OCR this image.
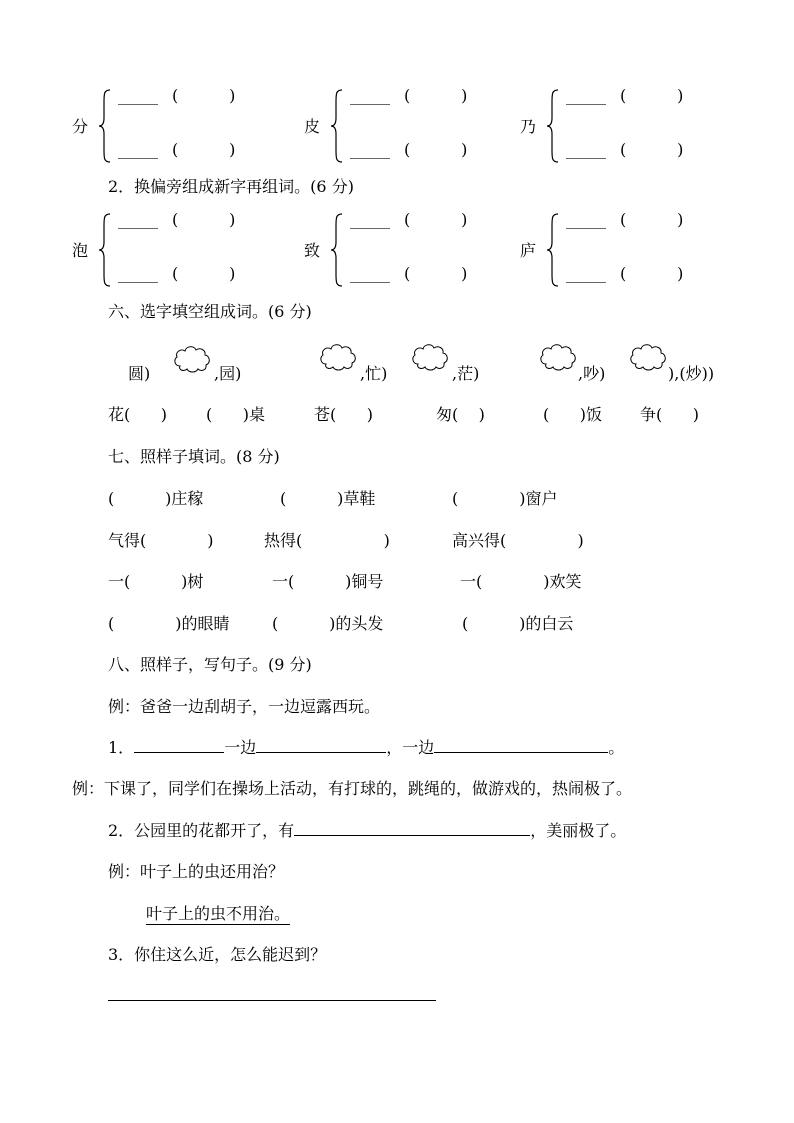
分
_____ (          )
_____ (          )
皮
_____ (          )
_____ (          )
乃
_____ (          )
_____ (          )
2．换偏旁组成新字再组词。(6 分)
泡
_____ (          )
_____ (          )
致
_____ (          )
_____ (          )
庐
_____ (          )
_____ (          )
六、选字填空组成词。(6 分)
圆)	,园)	,忙)	,茫)	,吵)	),(炒))
花(      ) (      )桌	苍(      )	匆(    )	(      )饭 争(      )
七、照样子填词。(8 分)
(          )庄稼	(          )草鞋	(            )窗户
气得(            )	热得(                )	高兴得(              )
一(          )树	一(          )铜号	一(            )欢笑
(            )的眼睛	(          )的头发	(          )的白云
八、照样子，写句子。(9 分)
例：爸爸一边刮胡子，一边逗露西玩。
1．	一边	，一边	。
例：下课了，同学们在操场上活动，有打球的，跳绳的，做游戏的，热闹极了。
2．公园里的花都开了，有	，美丽极了。
例：叶子上的虫还用治？
叶子上的虫不用治。
3．你住这么近，怎么能迟到？
